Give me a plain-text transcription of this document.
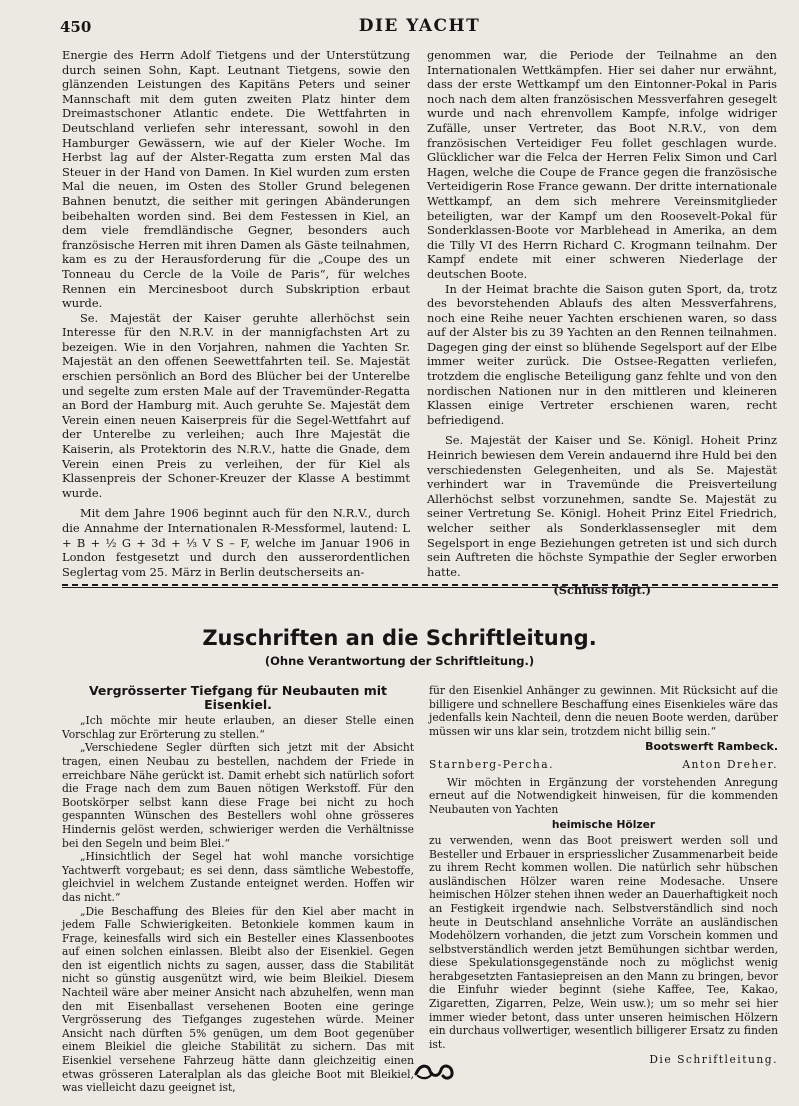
450	DIE YACHT

Energie des Herrn Adolf Tietgens und der Unterstützung durch seinen Sohn, Kapt. Leutnant Tietgens, sowie den glänzenden Leistungen des Kapitäns Peters und seiner Mannschaft mit dem guten zweiten Platz hinter dem Dreimastschoner Atlantic endete. Die Wettfahrten in Deutschland verliefen sehr interessant, sowohl in den Hamburger Gewässern, wie auf der Kieler Woche. Im Herbst lag auf der Alster-Regatta zum ersten Mal das Steuer in der Hand von Damen. In Kiel wurden zum ersten Mal die neuen, im Osten des Stoller Grund belegenen Bahnen benutzt, die seither mit geringen Abänderungen beibehalten worden sind. Bei dem Festessen in Kiel, an dem viele fremdländische Gegner, besonders auch französische Herren mit ihren Damen als Gäste teilnahmen, kam es zu der Herausforderung für die „Coupe des un Tonneau du Cercle de la Voile de Paris“, für welches Rennen ein Mercinesboot durch Subskription erbaut wurde.

Se. Majestät der Kaiser geruhte allerhöchst sein Interesse für den N.R.V. in der mannigfachsten Art zu bezeigen. Wie in den Vorjahren, nahmen die Yachten Sr. Majestät an den offenen Seewettfahrten teil. Se. Majestät erschien persönlich an Bord des Blücher bei der Unterelbe und segelte zum ersten Male auf der Travemünder-Regatta an Bord der Hamburg mit. Auch geruhte Se. Majestät dem Verein einen neuen Kaiserpreis für die Segel-Wettfahrt auf der Unterelbe zu verleihen; auch Ihre Majestät die Kaiserin, als Protektorin des N.R.V., hatte die Gnade, dem Verein einen Preis zu verleihen, der für Kiel als Klassenpreis der Schoner-Kreuzer der Klasse A bestimmt wurde.

Mit dem Jahre 1906 beginnt auch für den N.R.V., durch die Annahme der Internationalen R-Messformel, lautend: L + B + ½ G + 3d + ⅓ V S – F, welche im Januar 1906 in London festgesetzt und durch den ausserordentlichen Seglertag vom 25. März in Berlin deutscherseits an-

genommen war, die Periode der Teilnahme an den Internationalen Wettkämpfen. Hier sei daher nur erwähnt, dass der erste Wettkampf um den Eintonner-Pokal in Paris noch nach dem alten französischen Messverfahren gesegelt wurde und nach ehrenvollem Kampfe, infolge widriger Zufälle, unser Vertreter, das Boot N.R.V., von dem französischen Verteidiger Feu follet geschlagen wurde. Glücklicher war die Felca der Herren Felix Simon und Carl Hagen, welche die Coupe de France gegen die französische Verteidigerin Rose France gewann. Der dritte internationale Wettkampf, an dem sich mehrere Vereinsmitglieder beteiligten, war der Kampf um den Roosevelt-Pokal für Sonderklassen-Boote vor Marblehead in Amerika, an dem die Tilly VI des Herrn Richard C. Krogmann teilnahm. Der Kampf endete mit einer schweren Niederlage der deutschen Boote.

In der Heimat brachte die Saison guten Sport, da, trotz des bevorstehenden Ablaufs des alten Messverfahrens, noch eine Reihe neuer Yachten erschienen waren, so dass auf der Alster bis zu 39 Yachten an den Rennen teilnahmen. Dagegen ging der einst so blühende Segelsport auf der Elbe immer weiter zurück. Die Ostsee-Regatten verliefen, trotzdem die englische Beteiligung ganz fehlte und von den nordischen Nationen nur in den mittleren und kleineren Klassen einige Vertreter erschienen waren, recht befriedigend.

Se. Majestät der Kaiser und Se. Königl. Hoheit Prinz Heinrich bewiesen dem Verein andauernd ihre Huld bei den verschiedensten Gelegenheiten, und als Se. Majestät verhindert war in Travemünde die Preisverteilung Allerhöchst selbst vorzunehmen, sandte Se. Majestät zu seiner Vertretung Se. Königl. Hoheit Prinz Eitel Friedrich, welcher seither als Sonderklassensegler mit dem Segelsport in enge Beziehungen getreten ist und sich durch sein Auftreten die höchste Sympathie der Segler erworben hatte.

(Schluss folgt.)
Zuschriften an die Schriftleitung.
(Ohne Verantwortung der Schriftleitung.)
Vergrösserter Tiefgang für Neubauten mit Eisenkiel.

„Ich möchte mir heute erlauben, an dieser Stelle einen Vorschlag zur Erörterung zu stellen.“

„Verschiedene Segler dürften sich jetzt mit der Absicht tragen, einen Neubau zu bestellen, nachdem der Friede in erreichbare Nähe gerückt ist. Damit erhebt sich natürlich sofort die Frage nach dem zum Bauen nötigen Werkstoff. Für den Bootskörper selbst kann diese Frage bei nicht zu hoch gespannten Wünschen des Bestellers wohl ohne grösseres Hindernis gelöst werden, schwieriger werden die Verhältnisse bei den Segeln und beim Blei.“

„Hinsichtlich der Segel hat wohl manche vorsichtige Yachtwerft vorgebaut; es sei denn, dass sämtliche Webestoffe, gleichviel in welchem Zustande enteignet werden. Hoffen wir das nicht.“

„Die Beschaffung des Bleies für den Kiel aber macht in jedem Falle Schwierigkeiten. Betonkiele kommen kaum in Frage, keinesfalls wird sich ein Besteller eines Klassenbootes auf einen solchen einlassen. Bleibt also der Eisenkiel. Gegen den ist eigentlich nichts zu sagen, ausser, dass die Stabilität nicht so günstig ausgenützt wird, wie beim Bleikiel. Diesem Nachteil wäre aber meiner Ansicht nach abzuhelfen, wenn man den mit Eisenballast versehenen Booten eine geringe Vergrösserung des Tiefganges zugestehen würde. Meiner Ansicht nach dürften 5% genügen, um dem Boot gegenüber einem Bleikiel die gleiche Stabilität zu sichern. Das mit Eisenkiel versehene Fahrzeug hätte dann gleichzeitig einen etwas grösseren Lateralplan als das gleiche Boot mit Bleikiel, was vielleicht dazu geeignet ist,

für den Eisenkiel Anhänger zu gewinnen. Mit Rücksicht auf die billigere und schnellere Beschaffung eines Eisenkieles wäre das jedenfalls kein Nachteil, denn die neuen Boote werden, darüber müssen wir uns klar sein, trotzdem nicht billig sein.“

Bootswerft Rambeck.
Starnberg-Percha.	Anton Dreher.

Wir möchten in Ergänzung der vorstehenden Anregung erneut auf die Notwendigkeit hinweisen, für die kommenden Neubauten von Yachten

heimische Hölzer

zu verwenden, wenn das Boot preiswert werden soll und Besteller und Erbauer in erspriesslicher Zusammenarbeit beide zu ihrem Recht kommen wollen. Die natürlich sehr hübschen ausländischen Hölzer waren reine Modesache. Unsere heimischen Hölzer stehen ihnen weder an Dauerhaftigkeit noch an Festigkeit irgendwie nach. Selbstverständlich sind noch heute in Deutschland ansehnliche Vorräte an ausländischen Modehölzern vorhanden, die jetzt zum Vorschein kommen und selbstverständlich werden jetzt Bemühungen sichtbar werden, diese Spekulationsgegenstände noch zu möglichst wenig herabgesetzten Fantasiepreisen an den Mann zu bringen, bevor die Einfuhr wieder beginnt (siehe Kaffee, Tee, Kakao, Zigaretten, Zigarren, Pelze, Wein usw.); um so mehr sei hier immer wieder betont, dass unter unseren heimischen Hölzern ein durchaus vollwertiger, wesentlich billigerer Ersatz zu finden ist.

Die Schriftleitung.
